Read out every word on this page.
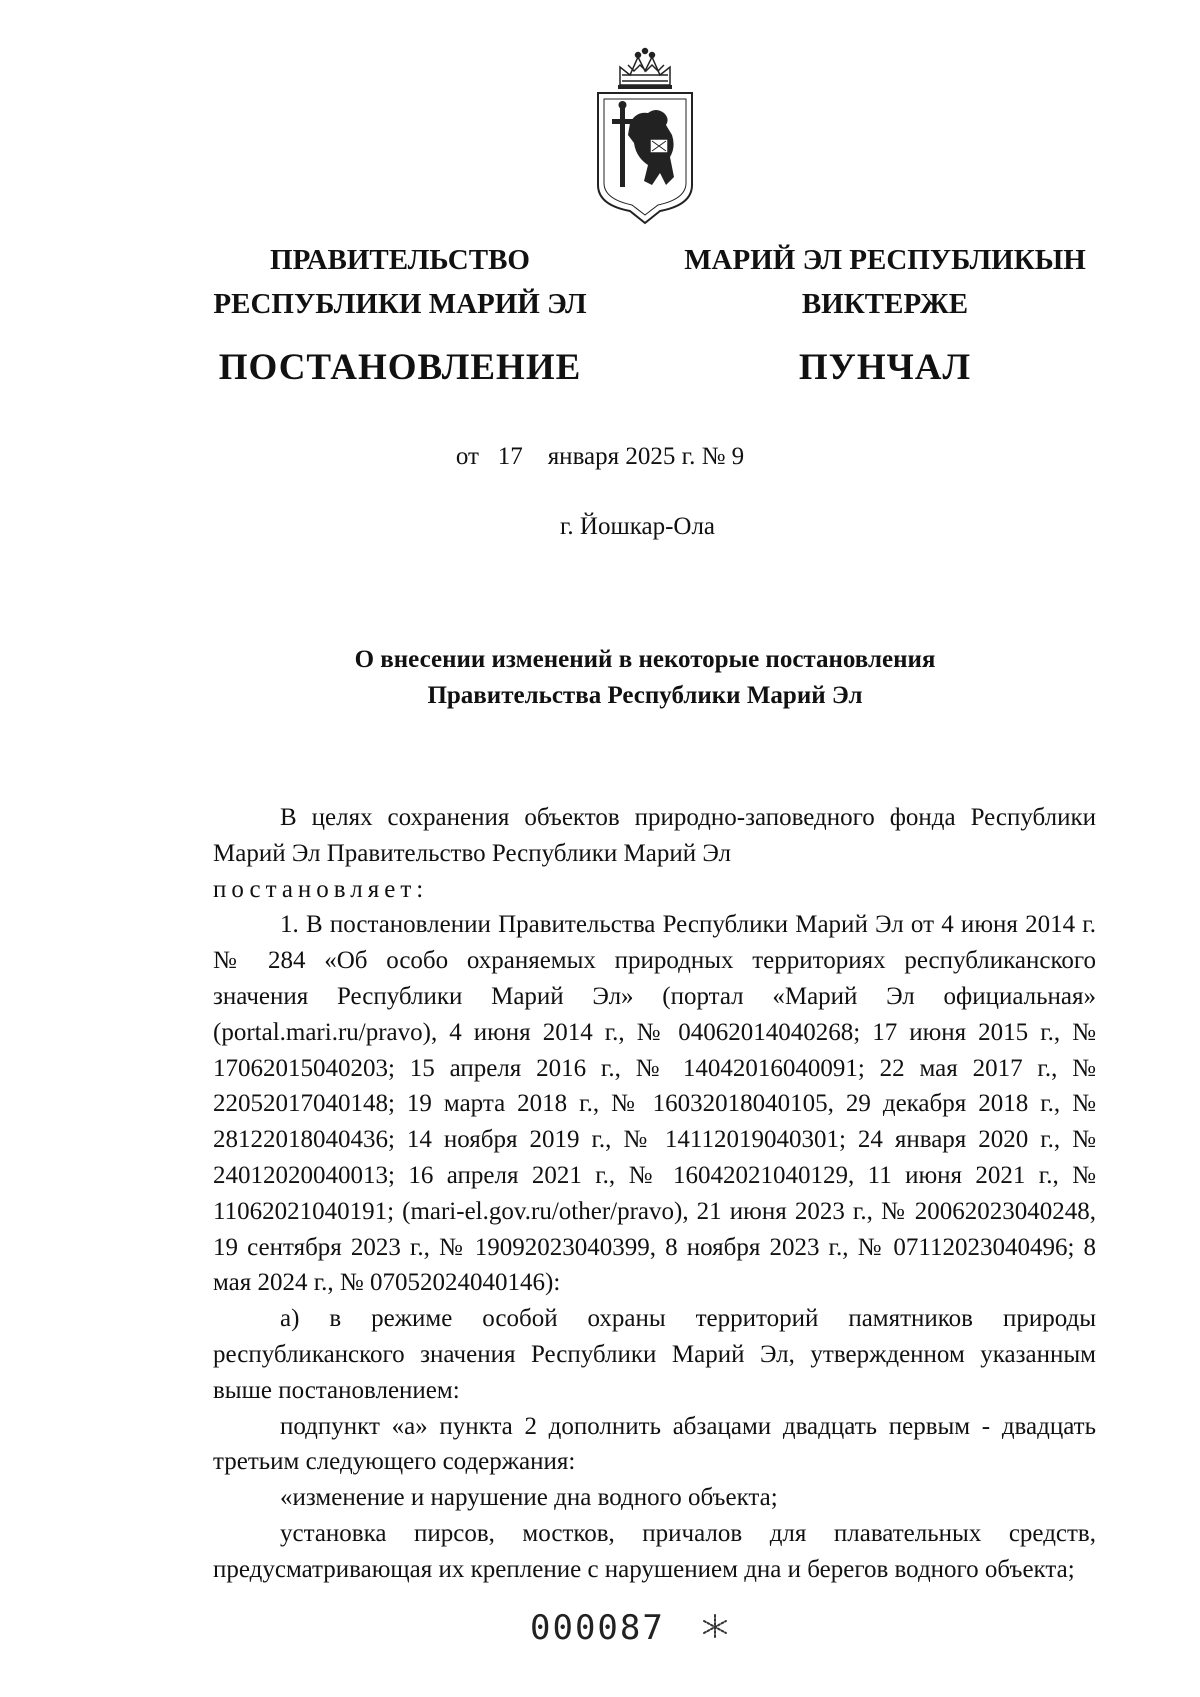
ПРАВИТЕЛЬСТВО
РЕСПУБЛИКИ МАРИЙ ЭЛ
ПОСТАНОВЛЕНИЕ
МАРИЙ ЭЛ РЕСПУБЛИКЫН
ВИКТЕРЖЕ
ПУНЧАЛ
от 17 января 2025 г. № 9
г. Йошкар-Ола
О внесении изменений в некоторые постановления
Правительства Республики Марий Эл

В целях сохранения объектов природно-заповедного фонда Республики Марий Эл Правительство Республики Марий Эл

постановляет:

1. В постановлении Правительства Республики Марий Эл от 4 июня 2014 г. № 284 «Об особо охраняемых природных территориях республиканского значения Республики Марий Эл» (портал «Марий Эл официальная» (portal.mari.ru/pravo), 4 июня 2014 г., № 04062014040268; 17 июня 2015 г., № 17062015040203; 15 апреля 2016 г., № 14042016040091; 22 мая 2017 г., № 22052017040148; 19 марта 2018 г., № 16032018040105, 29 декабря 2018 г., № 28122018040436; 14 ноября 2019 г., № 14112019040301; 24 января 2020 г., № 24012020040013; 16 апреля 2021 г., № 16042021040129, 11 июня 2021 г., № 11062021040191; (mari-el.gov.ru/other/pravo), 21 июня 2023 г., № 20062023040248, 19 сентября 2023 г., № 19092023040399, 8 ноября 2023 г., № 07112023040496; 8 мая 2024 г., № 07052024040146):

а) в режиме особой охраны территорий памятников природы республиканского значения Республики Марий Эл, утвержденном указанным выше постановлением:

подпункт «а» пункта 2 дополнить абзацами двадцать первым - двадцать третьим следующего содержания:

«изменение и нарушение дна водного объекта;

установка пирсов, мостков, причалов для плавательных средств, предусматривающая их крепление с нарушением дна и берегов водного объекта;

000087
